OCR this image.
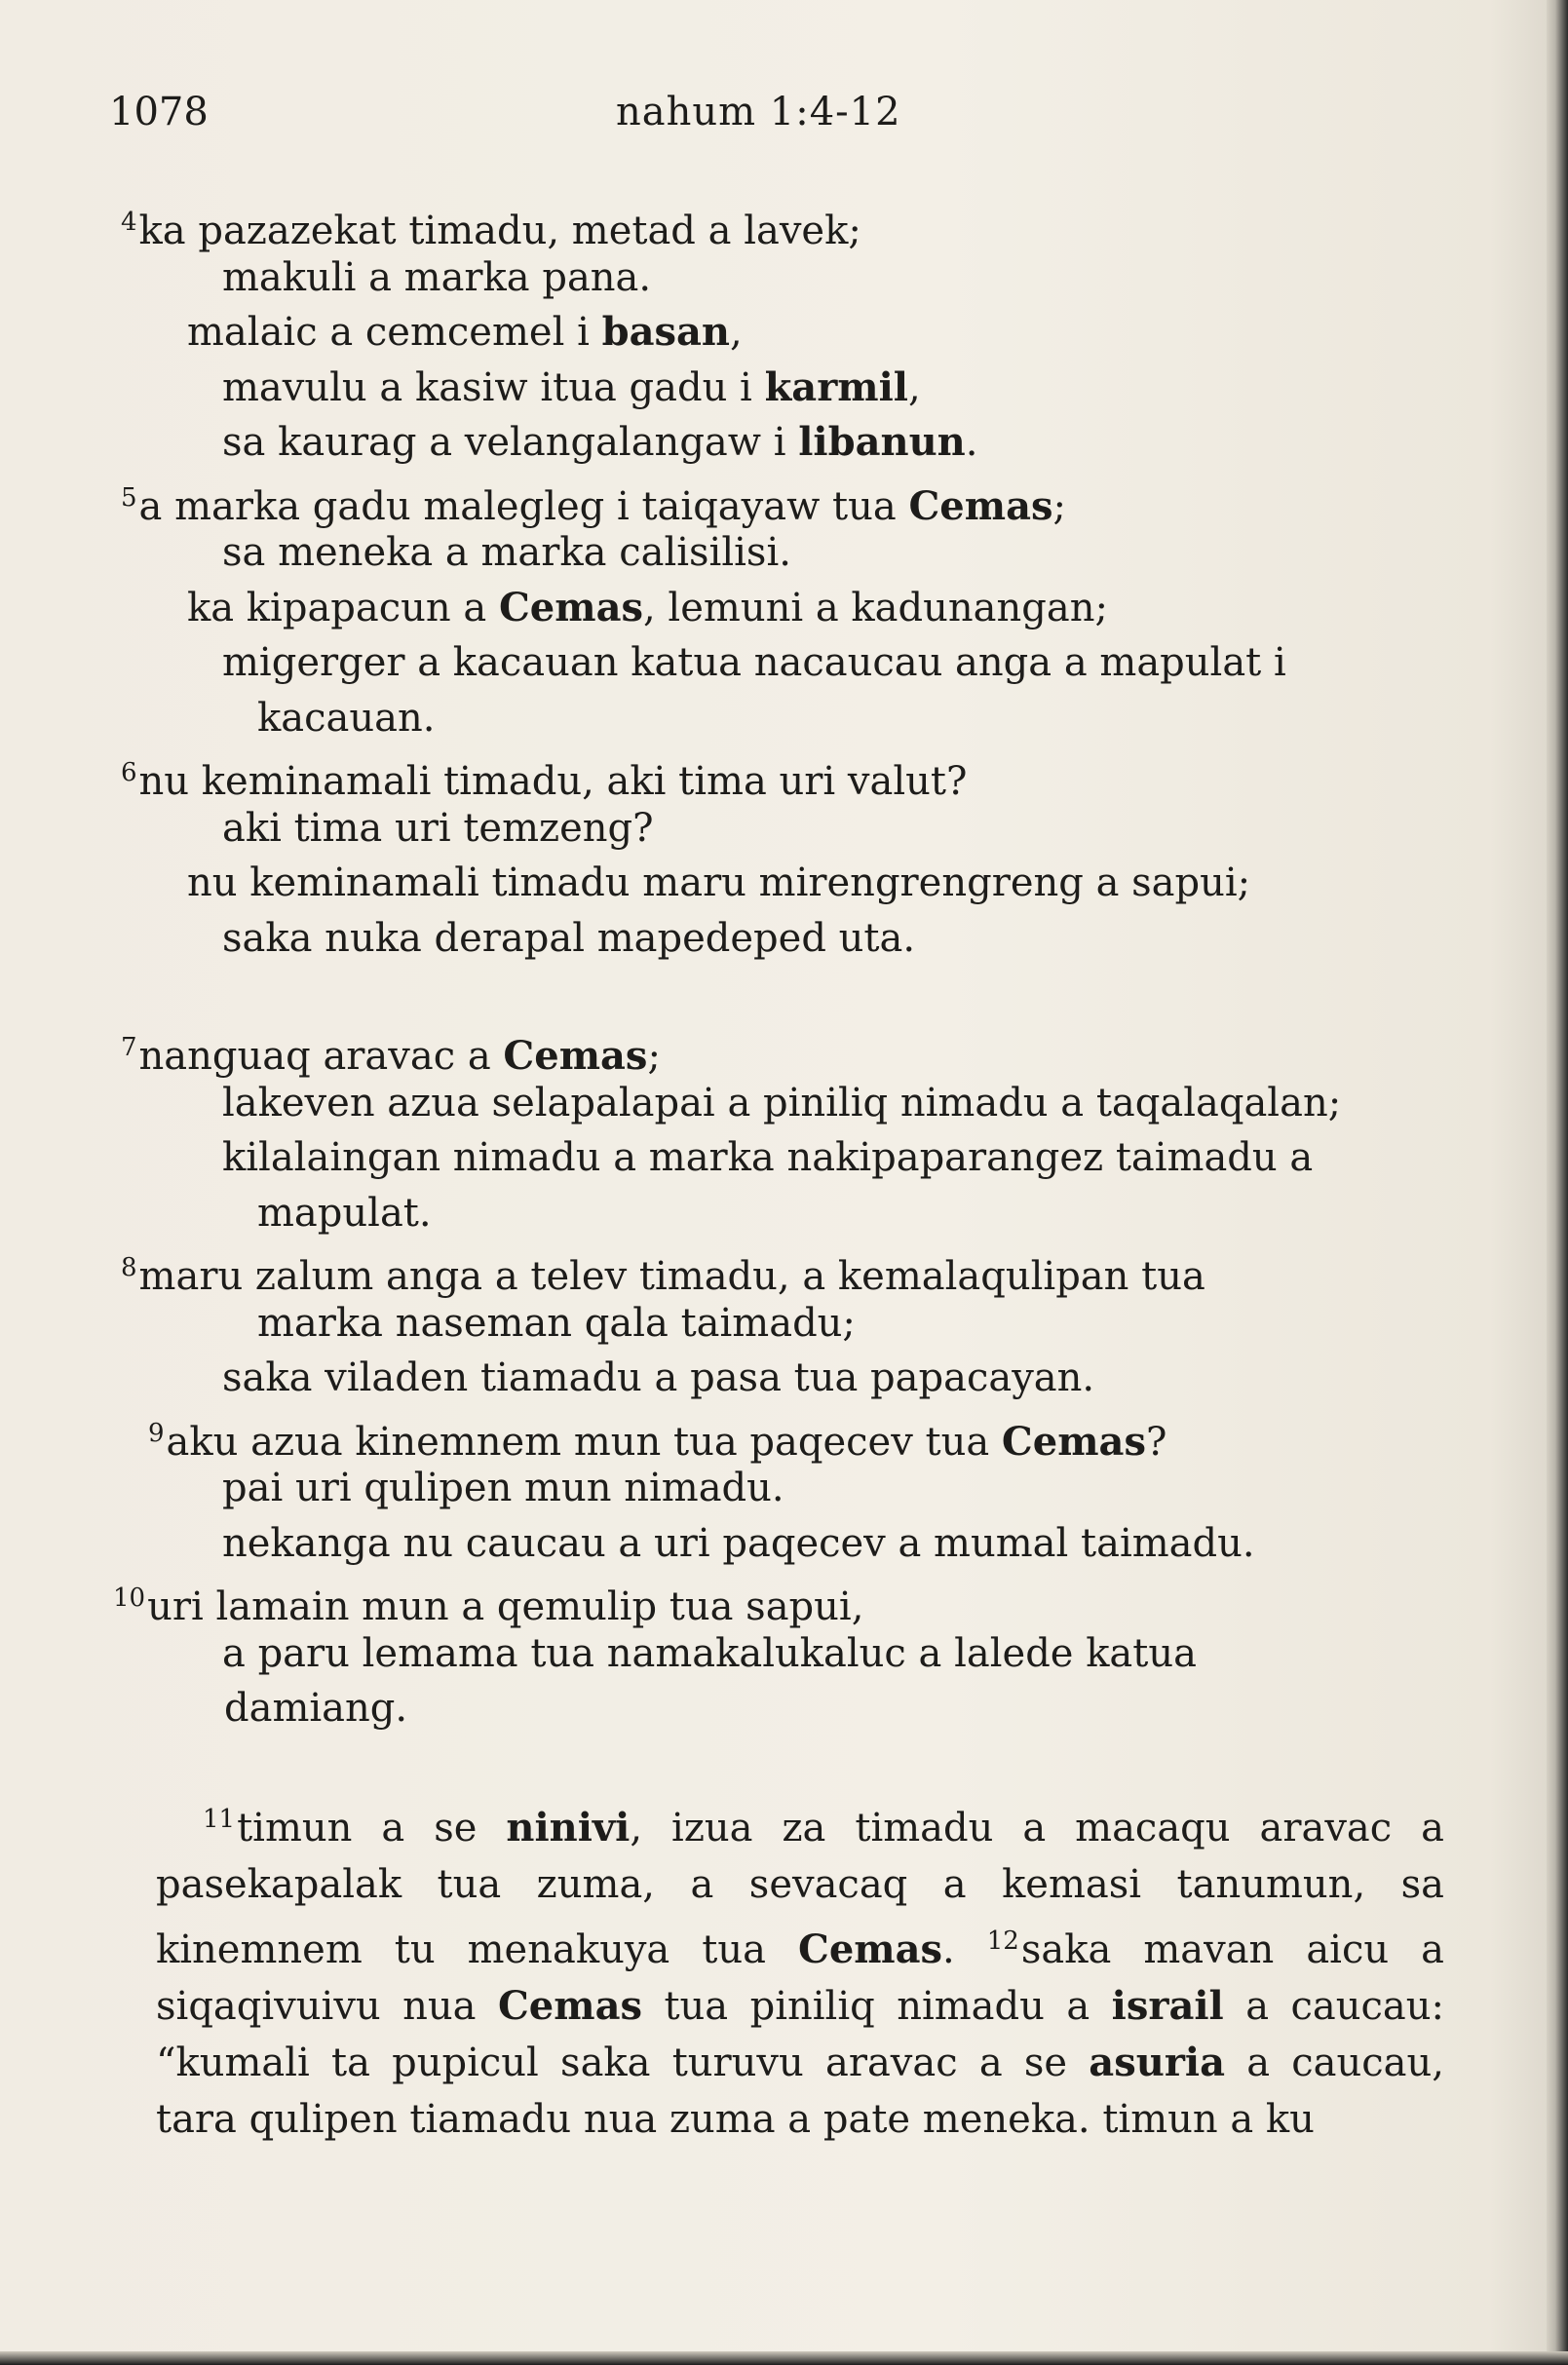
1078	nahum 1:4-12
$^4$ka pazazekat timadu, metad a lavek;
makuli a marka pana.
malaic a cemcemel i basan,
mavulu a kasiw itua gadu i karmil,
sa kaurag a velangalangaw i libanun.
$^5$a marka gadu malegleg i taiqayaw tua Cemas;
sa meneka a marka calisilisi.
ka kipapacun a Cemas, lemuni a kadunangan;
migerger a kacauan katua nacaucau anga a mapulat i
kacauan.
$^6$nu keminamali timadu, aki tima uri valut?
aki tima uri temzeng?
nu keminamali timadu maru mirengrengreng a sapui;
saka nuka derapal mapedeped uta.
$^7$nanguaq aravac a Cemas;
lakeven azua selapalapai a piniliq nimadu a taqalaqalan;
kilalaingan nimadu a marka nakipaparangez taimadu a
mapulat.
$^8$maru zalum anga a telev timadu, a kemalaqulipan tua
marka naseman qala taimadu;
saka viladen tiamadu a pasa tua papacayan.
$^9$aku azua kinemnem mun tua paqecev tua Cemas?
pai uri qulipen mun nimadu.
nekanga nu caucau a uri paqecev a mumal taimadu.
$^{10}$uri lamain mun a qemulip tua sapui,
a paru lemama tua namakalukaluc a lalede katua
damiang.
$^{11}$timun a se ninivi, izua za timadu a macaqu aravac a pasekapalak tua zuma, a sevacaq a kemasi tanumun, sa kinemnem tu menakuya tua Cemas. $^{12}$saka mavan aicu a siqaqivuivu nua Cemas tua piniliq nimadu a israil a caucau: “kumali ta pupicul saka turuvu aravac a se asuria a caucau, tara qulipen tiamadu nua zuma a pate meneka. timun a ku
